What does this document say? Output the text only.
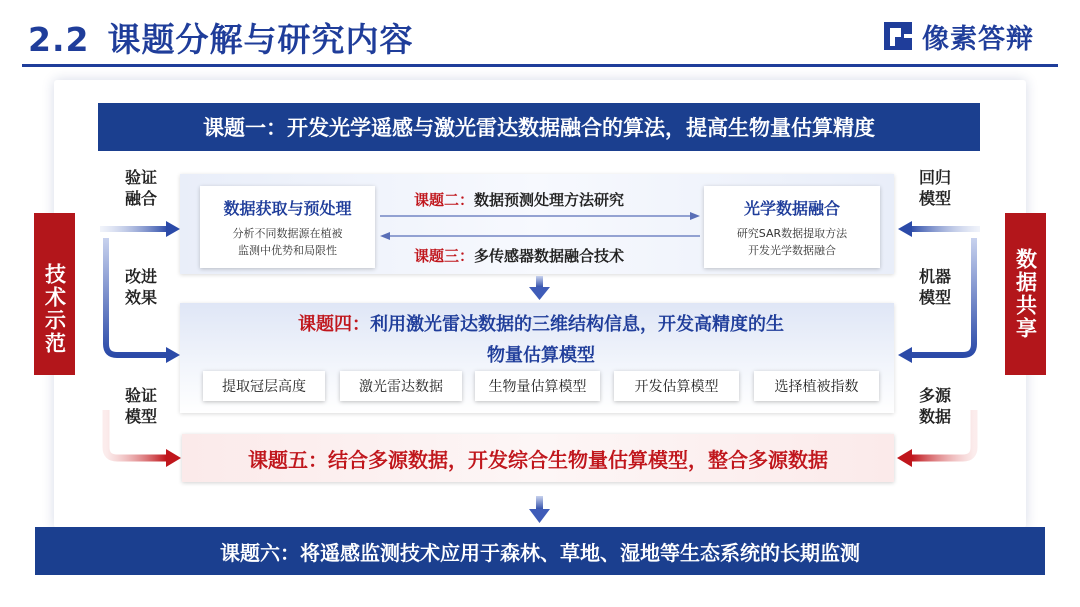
2.2 课题分解与研究内容	像素答辩
课题一：开发光学遥感与激光雷达数据融合的算法，提高生物量估算精度
技术示范	数据共享
数据获取与预处理
分析不同数据源在植被
监测中优势和局限性
光学数据融合
研究SAR数据提取方法
开发光学数据融合
课题二：数据预测处理方法研究
课题三：多传感器数据融合技术
课题四：利用激光雷达数据的三维结构信息，开发高精度的生
物量估算模型
提取冠层高度	激光雷达数据	生物量估算模型	开发估算模型	选择植被指数
课题五：结合多源数据，开发综合生物量估算模型，整合多源数据
课题六：将遥感监测技术应用于森林、草地、湿地等生态系统的长期监测
验证融合
改进效果
验证模型
回归模型
机器模型
多源数据
